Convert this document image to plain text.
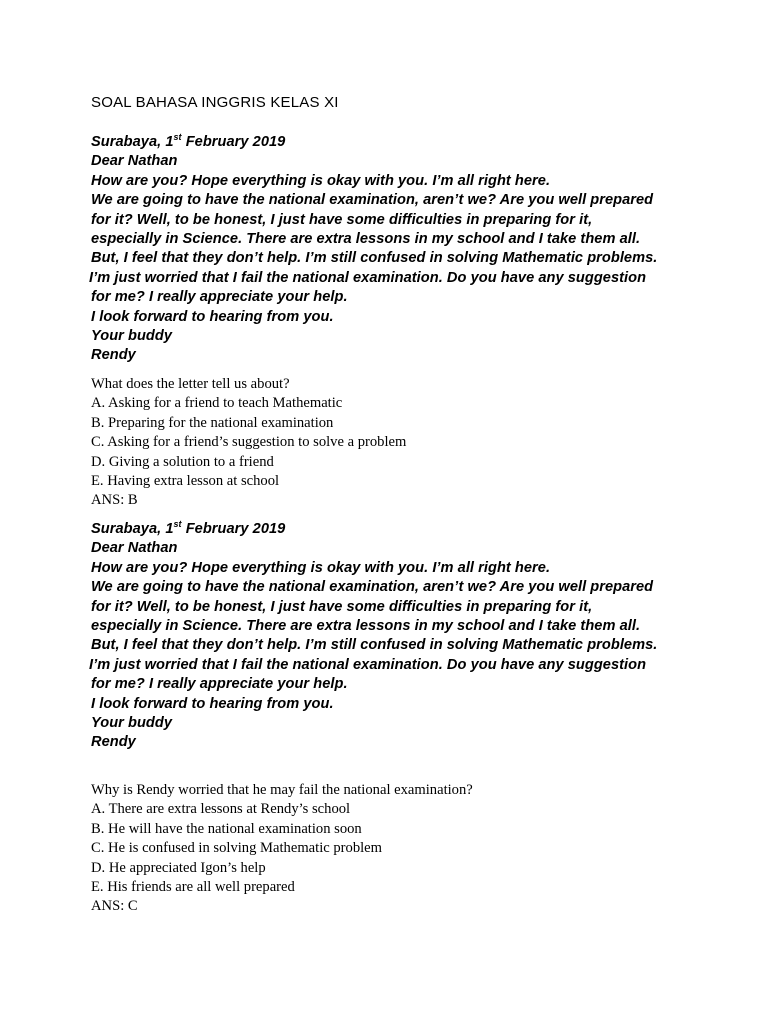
SOAL BAHASA INGGRIS KELAS XI
Surabaya, 1st February 2019
Dear Nathan
How are you? Hope everything is okay with you. I’m all right here.
We are going to have the national examination, aren’t we? Are you well prepared
for it? Well, to be honest, I just have some difficulties in preparing for it,
especially in Science. There are extra lessons in my school and I take them all.
But, I feel that they don’t help. I’m still confused in solving Mathematic problems.
I’m just worried that I fail the national examination. Do you have any suggestion
for me? I really appreciate your help.
I look forward to hearing from you.
Your buddy
Rendy
What does the letter tell us about?
A. Asking for a friend to teach Mathematic
B. Preparing for the national examination
C. Asking for a friend’s suggestion to solve a problem
D. Giving a solution to a friend
E. Having extra lesson at school
ANS: B
Surabaya, 1st February 2019
Dear Nathan
How are you? Hope everything is okay with you. I’m all right here.
We are going to have the national examination, aren’t we? Are you well prepared
for it? Well, to be honest, I just have some difficulties in preparing for it,
especially in Science. There are extra lessons in my school and I take them all.
But, I feel that they don’t help. I’m still confused in solving Mathematic problems.
I’m just worried that I fail the national examination. Do you have any suggestion
for me? I really appreciate your help.
I look forward to hearing from you.
Your buddy
Rendy
Why is Rendy worried that he may fail the national examination?
A. There are extra lessons at Rendy’s school
B. He will have the national examination soon
C. He is confused in solving Mathematic problem
D. He appreciated Igon’s help
E. His friends are all well prepared
ANS: C
